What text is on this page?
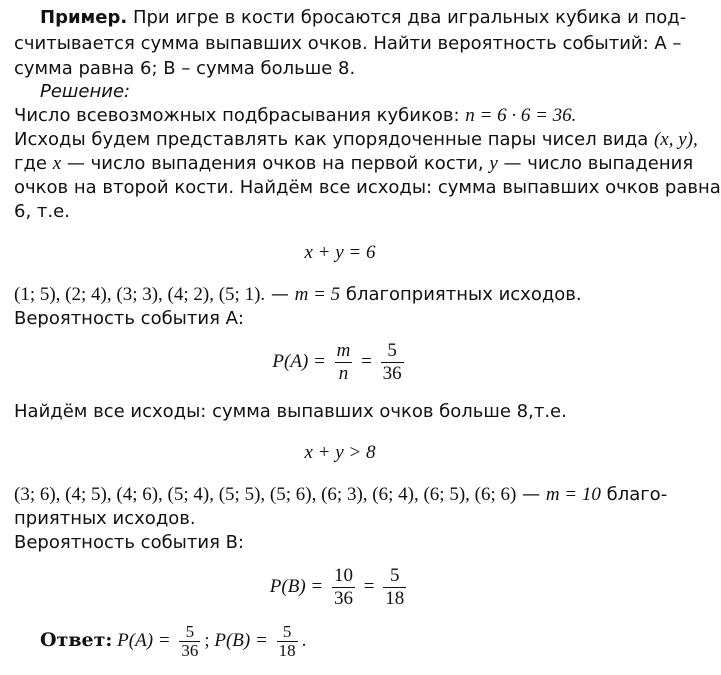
Пример. При игре в кости бросаются два игральных кубика и под-
считывается сумма выпавших очков. Найти вероятность событий: А –
сумма равна 6; В – сумма больше 8.
Решение:
Число всевозможных подбрасывания кубиков: n = 6 · 6 = 36.
Исходы будем представлять как упорядоченные пары чисел вида (x, y),
где x — число выпадения очков на первой кости, y — число выпадения
очков на второй кости. Найдём все исходы: сумма выпавших очков равна
6, т.е.
x + y = 6
(1; 5), (2; 4), (3; 3), (4; 2), (5; 1). — m = 5 благоприятных исходов.
Вероятность события А:
$P(A) = \frac{m}{n} = \frac{5}{36}$
Найдём все исходы: сумма выпавших очков больше 8,т.е.
x + y > 8
(3; 6), (4; 5), (4; 6), (5; 4), (5; 5), (5; 6), (6; 3), (6; 4), (6; 5), (6; 6) — m = 10 благо-
приятных исходов.
Вероятность события В:
$P(B) = \frac{10}{36} = \frac{5}{18}$
Ответ: $P(A) = \frac{5}{36}$ ; $P(B) = \frac{5}{18}$ .
